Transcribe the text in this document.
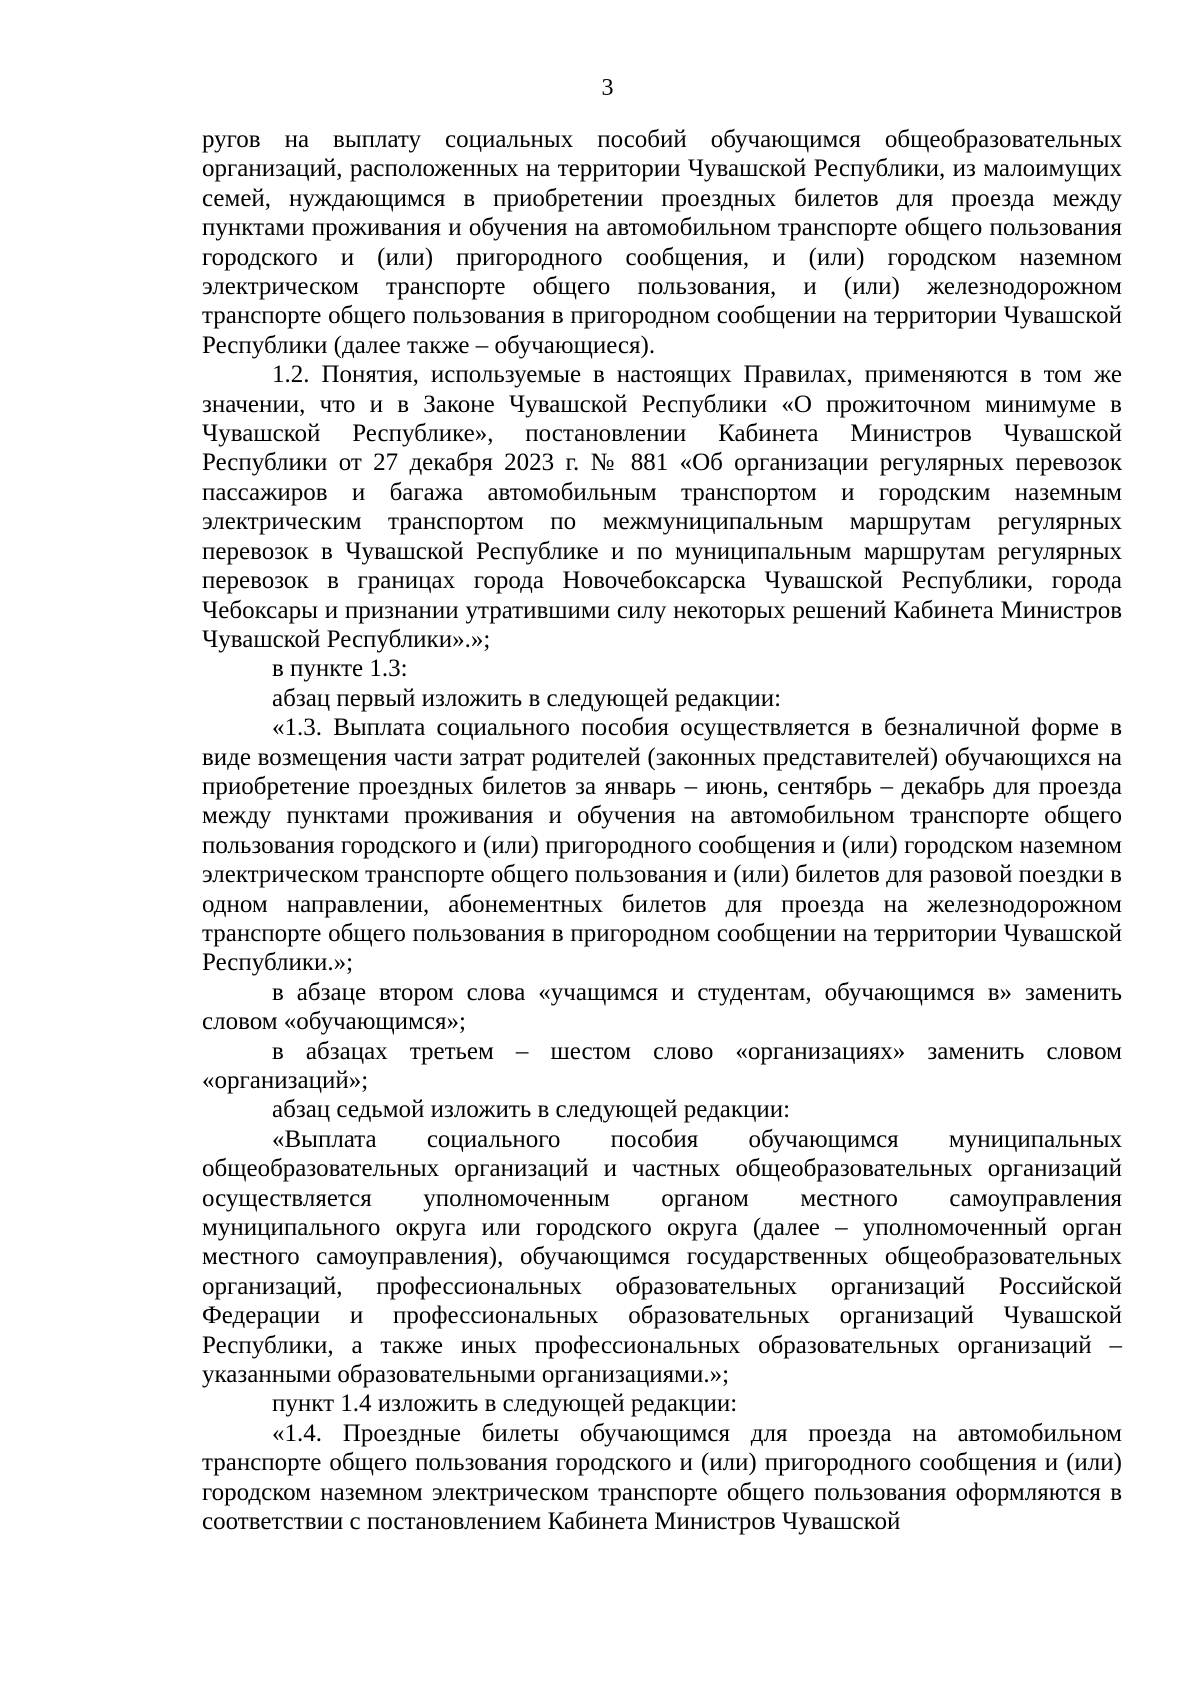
3

ругов на выплату социальных пособий обучающимся общеобразовательных организаций, расположенных на территории Чувашской Республики, из малоимущих семей, нуждающимся в приобретении проездных билетов для проезда между пунктами проживания и обучения на автомобильном транспорте общего пользования городского и (или) пригородного сообщения, и (или) городском наземном электрическом транспорте общего пользования, и (или) железнодорожном транспорте общего пользования в пригородном сообщении на территории Чувашской Республики (далее также – обучающиеся).

1.2. Понятия, используемые в настоящих Правилах, применяются в том же значении, что и в Законе Чувашской Республики «О прожиточном минимуме в Чувашской Республике», постановлении Кабинета Министров Чувашской Республики от 27 декабря 2023 г. № 881 «Об организации регулярных перевозок пассажиров и багажа автомобильным транспортом и городским наземным электрическим транспортом по межмуниципальным маршрутам регулярных перевозок в Чувашской Республике и по муниципальным маршрутам регулярных перевозок в границах города Новочебоксарска Чувашской Республики, города Чебоксары и признании утратившими силу некоторых решений Кабинета Министров Чувашской Республики».»;

в пункте 1.3:

абзац первый изложить в следующей редакции:

«1.3. Выплата социального пособия осуществляется в безналичной форме в виде возмещения части затрат родителей (законных представителей) обучающихся на приобретение проездных билетов за январь – июнь, сентябрь – декабрь для проезда между пунктами проживания и обучения на автомобильном транспорте общего пользования городского и (или) пригородного сообщения и (или) городском наземном электрическом транспорте общего пользования и (или) билетов для разовой поездки в одном направлении, абонементных билетов для проезда на железнодорожном транспорте общего пользования в пригородном сообщении на территории Чувашской Республики.»;

в абзаце втором слова «учащимся и студентам, обучающимся в» заменить словом «обучающимся»;

в абзацах третьем – шестом слово «организациях» заменить словом «организаций»;

абзац седьмой изложить в следующей редакции:

«Выплата социального пособия обучающимся муниципальных общеобразовательных организаций и частных общеобразовательных организаций осуществляется уполномоченным органом местного самоуправления муниципального округа или городского округа (далее – уполномоченный орган местного самоуправления), обучающимся государственных общеобразовательных организаций, профессиональных образовательных организаций Российской Федерации и профессиональных образовательных организаций Чувашской Республики, а также иных профессиональных образовательных организаций – указанными образовательными организациями.»;

пункт 1.4 изложить в следующей редакции:

«1.4. Проездные билеты обучающимся для проезда на автомобильном транспорте общего пользования городского и (или) пригородного сообщения и (или) городском наземном электрическом транспорте общего пользования оформляются в соответствии с постановлением Кабинета Министров Чувашской
